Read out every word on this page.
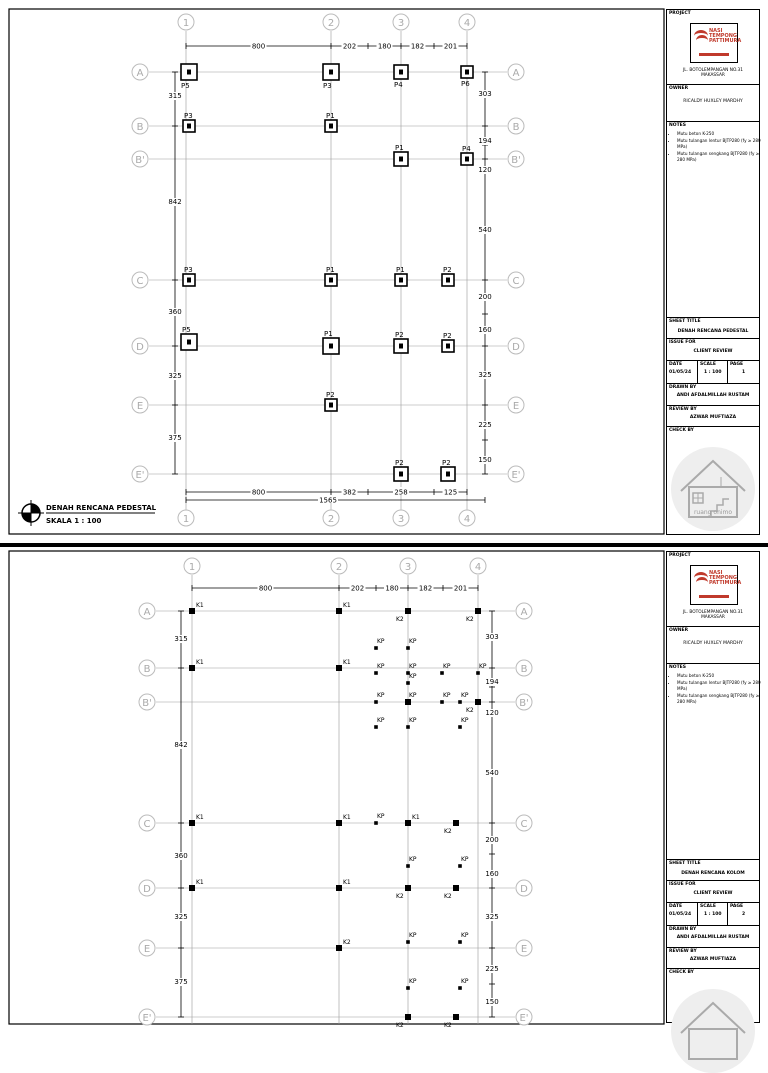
1
1
2
2
3
3
4
4
A	A
B	B
B'	B'
C	C
D	D
E	E
E'	E'
800	202	180	182	201
303
194
120
540
200
160
325
225
150
315
842
360
325
375
800	382	258	125
1565
P5	P3	P4	P6
P3	P1
P1	P4
P3	P1	P1	P2
P5	P1	P2	P2
P2
P2	P2
DENAH RENCANA PEDESTAL
SKALA 1 : 100
PROJECT
NASI
TEMPONG
PATTIMURA
JL. BOTOLEMPANGAN NO.31
MAKASSAR
OWNER
RICALDY HUXLEY MARDHY
NOTES
• Mutu beton K-250
• Mutu tulangan lentur BJTP280 (fy ≥ 280 MPa)
• Mutu tulangan sengkang BJTP280 (fy ≥ 280 MPa)
SHEET TITLE
DENAH RENCANA PEDESTAL
ISSUE FOR
CLIENT REVIEW
DATE
01/05/24
SCALE
1 : 100
PAGE
1
DRAWN BY
ANDI AFDALMILLAH RUSTAM
REVIEW BY
AZWAR MUFTIAZA
CHECK BY
ruang onimo
1	2	3	4
A	A
B	B
B'	B'
C	C
D	D
E	E
E'	E'
800	202	180	182	201
303
194
120
540
200
160
325
225
150
315
842
360
325
375
K1	K1
K2	K2
K1	K1
K2
K1	K1	K1
K2
K1	K1
K2	K2
K2
K2	K2
KP	KP
KP	KP	KP	KP
KP	KP	KP KP
KP	KP	KP
KP
KP	KP
KP	KP
KP	KP
KP
PROJECT
NASI
TEMPONG
PATTIMURA
JL. BOTOLEMPANGAN NO.31
MAKASSAR
OWNER
RICALDY HUXLEY MARDHY
NOTES
• Mutu beton K-250
• Mutu tulangan lentur BJTP280 (fy ≥ 280 MPa)
• Mutu tulangan sengkang BJTP280 (fy ≥ 280 MPa)
SHEET TITLE
DENAH RENCANA KOLOM
ISSUE FOR
CLIENT REVIEW
DATE
01/05/24
SCALE
1 : 100
PAGE
2
DRAWN BY
ANDI AFDALMILLAH RUSTAM
REVIEW BY
AZWAR MUFTIAZA
CHECK BY
